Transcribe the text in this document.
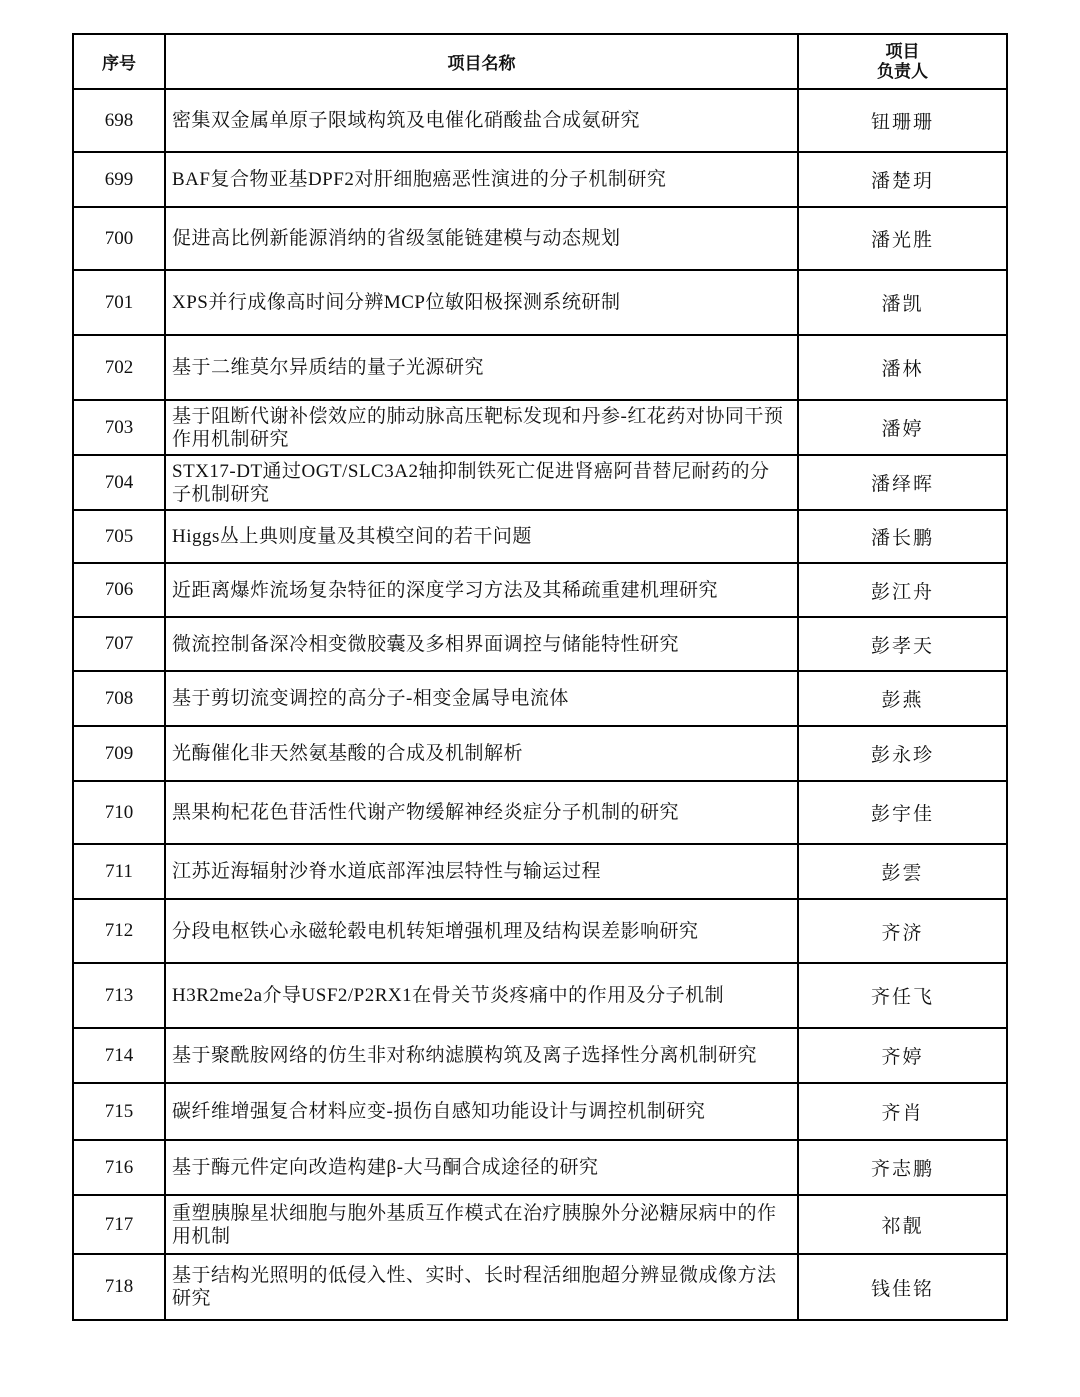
序号	项目名称	项目
负责人

698	密集双金属单原子限域构筑及电催化硝酸盐合成氨研究	钮珊珊
699	BAF复合物亚基DPF2对肝细胞癌恶性演进的分子机制研究	潘楚玥
700	促进高比例新能源消纳的省级氢能链建模与动态规划	潘光胜
701	XPS并行成像高时间分辨MCP位敏阳极探测系统研制	潘凯
702	基于二维莫尔异质结的量子光源研究	潘林
703	基于阻断代谢补偿效应的肺动脉高压靶标发现和丹参-红花药对协同干预作用机制研究	潘婷
704	STX17-DT通过OGT/SLC3A2轴抑制铁死亡促进肾癌阿昔替尼耐药的分子机制研究	潘绎晖
705	Higgs丛上典则度量及其模空间的若干问题	潘长鹏
706	近距离爆炸流场复杂特征的深度学习方法及其稀疏重建机理研究	彭江舟
707	微流控制备深冷相变微胶囊及多相界面调控与储能特性研究	彭孝天
708	基于剪切流变调控的高分子-相变金属导电流体	彭燕
709	光酶催化非天然氨基酸的合成及机制解析	彭永珍
710	黑果枸杞花色苷活性代谢产物缓解神经炎症分子机制的研究	彭宇佳
711	江苏近海辐射沙脊水道底部浑浊层特性与输运过程	彭雲
712	分段电枢铁心永磁轮毂电机转矩增强机理及结构误差影响研究	齐济
713	H3R2me2a介导USF2/P2RX1在骨关节炎疼痛中的作用及分子机制	齐任飞
714	基于聚酰胺网络的仿生非对称纳滤膜构筑及离子选择性分离机制研究	齐婷
715	碳纤维增强复合材料应变-损伤自感知功能设计与调控机制研究	齐肖
716	基于酶元件定向改造构建β-大马酮合成途径的研究	齐志鹏
717	重塑胰腺星状细胞与胞外基质互作模式在治疗胰腺外分泌糖尿病中的作用机制	祁靓
718	基于结构光照明的低侵入性、实时、长时程活细胞超分辨显微成像方法研究	钱佳铭
